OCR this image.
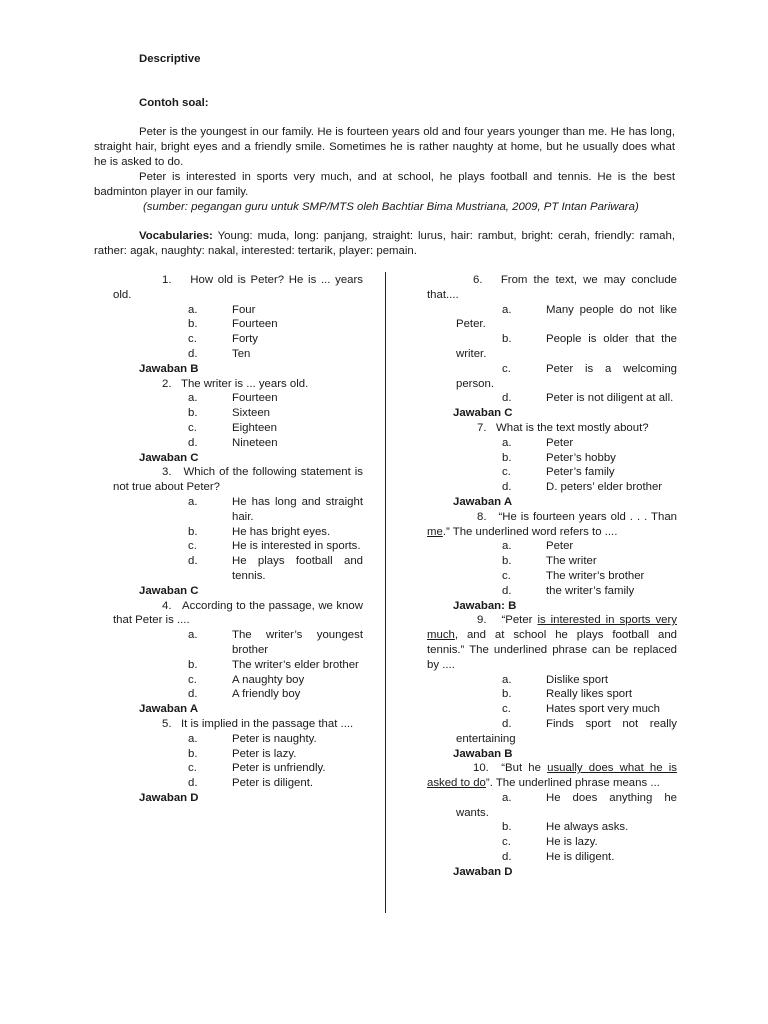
Descriptive
Contoh soal:
Peter is the youngest in our family. He is fourteen years old and four years younger than me. He has long, straight hair, bright eyes and a friendly smile. Sometimes he is rather naughty at home, but he usually does what he is asked to do.
Peter is interested in sports very much, and at school, he plays football and tennis. He is the best badminton player in our family.
(sumber: pegangan guru untuk SMP/MTS oleh Bachtiar Bima Mustriana, 2009, PT Intan Pariwara)
Vocabularies: Young: muda, long: panjang, straight: lurus, hair: rambut, bright: cerah, friendly: ramah, rather: agak, naughty: nakal, interested: tertarik, player: pemain.
1. How old is Peter? He is ... years old.
a.	Four
b.	Fourteen
c.	Forty
d.	Ten
Jawaban B
2. The writer is ... years old.
a.	Fourteen
b.	Sixteen
c.	Eighteen
d.	Nineteen
Jawaban C
3. Which of the following statement is not true about Peter?
a.	He has long and straight hair.
b.	He has bright eyes.
c.	He is interested in sports.
d.	He plays football and tennis.
Jawaban C
4. According to the passage, we know that Peter is ....
a.	The writer’s youngest brother
b.	The writer’s elder brother
c.	A naughty boy
d.	A friendly boy
Jawaban A
5. It is implied in the passage that ....
a.	Peter is naughty.
b.	Peter is lazy.
c.	Peter is unfriendly.
d.	Peter is diligent.
Jawaban D
6. From the text, we may conclude that....
a.	Many people do not like Peter.
b.	People is older that the writer.
c.	Peter is a welcoming person.
d.	Peter is not diligent at all.
Jawaban C
7. What is the text mostly about?
a.	Peter
b.	Peter’s hobby
c.	Peter’s family
d.	D. peters’ elder brother
Jawaban A
8. “He is fourteen years old . . . Than me.” The underlined word refers to ....
a.	Peter
b.	The writer
c.	The writer’s brother
d.	the writer’s family
Jawaban: B
9. “Peter is interested in sports very much, and at school he plays football and tennis.” The underlined phrase can be replaced by ....
a.	Dislike sport
b.	Really likes sport
c.	Hates sport very much
d.	Finds sport not really entertaining
Jawaban B
10. “But he usually does what he is asked to do”. The underlined phrase means ...
a.	He does anything he wants.
b.	He always asks.
c.	He is lazy.
d.	He is diligent.
Jawaban D
